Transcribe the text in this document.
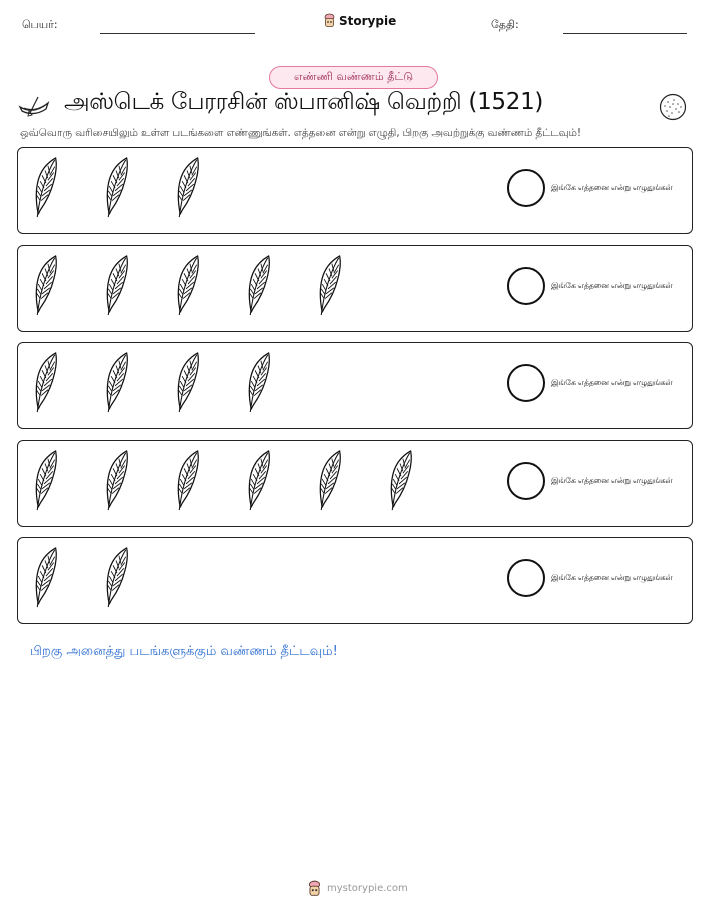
பெயர்:	Storypie	தேதி:
எண்ணி வண்ணம் தீட்டு
அஸ்டெக் பேரரசின் ஸ்பானிஷ் வெற்றி (1521)
ஒவ்வொரு வரிசையிலும் உள்ள படங்களை எண்ணுங்கள். எத்தனை என்று எழுதி, பிறகு அவற்றுக்கு வண்ணம் தீட்டவும்!
இங்கே எத்தனை என்று எழுதுங்கள்
இங்கே எத்தனை என்று எழுதுங்கள்
இங்கே எத்தனை என்று எழுதுங்கள்
இங்கே எத்தனை என்று எழுதுங்கள்
இங்கே எத்தனை என்று எழுதுங்கள்
பிறகு அனைத்து படங்களுக்கும் வண்ணம் தீட்டவும்!
mystorypie.com
